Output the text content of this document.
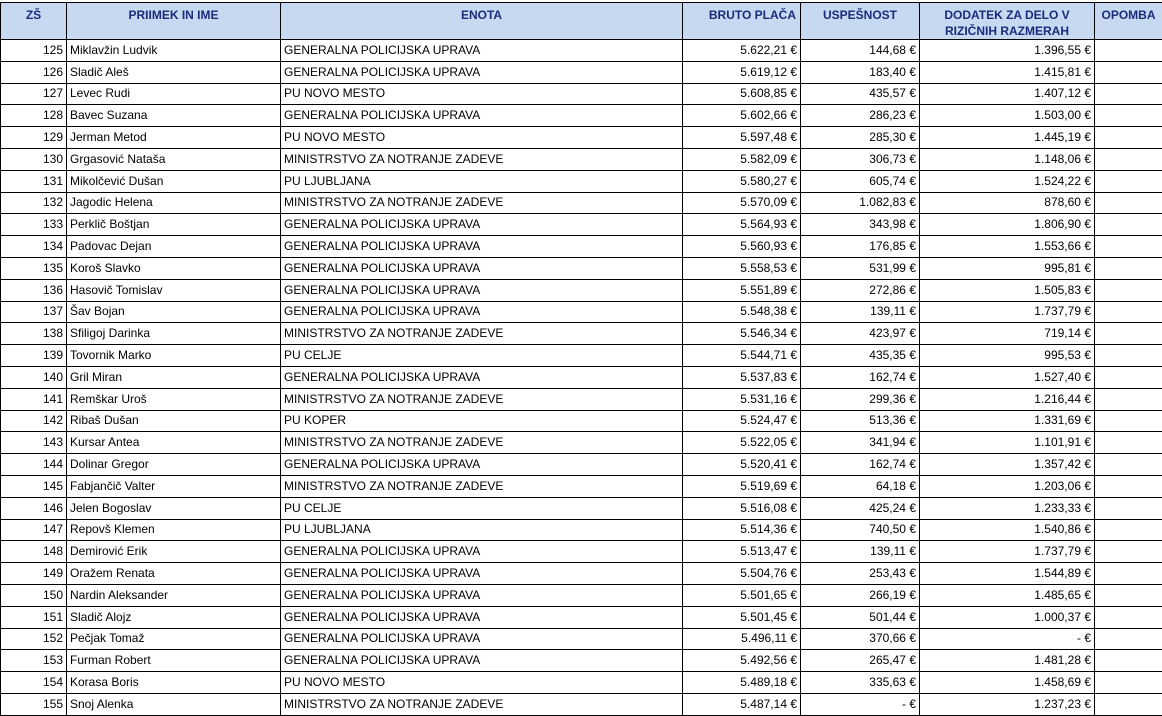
ZŠ	PRIIMEK IN IME	ENOTA	BRUTO PLAČA	USPEŠNOST	DODATEK ZA DELO V
RIZIČNIH RAZMERAH	OPOMBA
125	Miklavžin Ludvik	GENERALNA POLICIJSKA UPRAVA	5.622,21 €	144,68 €	1.396,55 €	
126	Sladič Aleš	GENERALNA POLICIJSKA UPRAVA	5.619,12 €	183,40 €	1.415,81 €	
127	Levec Rudi	PU NOVO MESTO	5.608,85 €	435,57 €	1.407,12 €	
128	Bavec Suzana	GENERALNA POLICIJSKA UPRAVA	5.602,66 €	286,23 €	1.503,00 €	
129	Jerman Metod	PU NOVO MESTO	5.597,48 €	285,30 €	1.445,19 €	
130	Grgasović Nataša	MINISTRSTVO ZA NOTRANJE ZADEVE	5.582,09 €	306,73 €	1.148,06 €	
131	Mikolčević Dušan	PU LJUBLJANA	5.580,27 €	605,74 €	1.524,22 €	
132	Jagodic Helena	MINISTRSTVO ZA NOTRANJE ZADEVE	5.570,09 €	1.082,83 €	878,60 €	
133	Perklič Boštjan	GENERALNA POLICIJSKA UPRAVA	5.564,93 €	343,98 €	1.806,90 €	
134	Padovac Dejan	GENERALNA POLICIJSKA UPRAVA	5.560,93 €	176,85 €	1.553,66 €	
135	Koroš Slavko	GENERALNA POLICIJSKA UPRAVA	5.558,53 €	531,99 €	995,81 €	
136	Hasovič Tomislav	GENERALNA POLICIJSKA UPRAVA	5.551,89 €	272,86 €	1.505,83 €	
137	Šav Bojan	GENERALNA POLICIJSKA UPRAVA	5.548,38 €	139,11 €	1.737,79 €	
138	Sfiligoj Darinka	MINISTRSTVO ZA NOTRANJE ZADEVE	5.546,34 €	423,97 €	719,14 €	
139	Tovornik Marko	PU CELJE	5.544,71 €	435,35 €	995,53 €	
140	Gril Miran	GENERALNA POLICIJSKA UPRAVA	5.537,83 €	162,74 €	1.527,40 €	
141	Remškar Uroš	MINISTRSTVO ZA NOTRANJE ZADEVE	5.531,16 €	299,36 €	1.216,44 €	
142	Ribaš Dušan	PU KOPER	5.524,47 €	513,36 €	1.331,69 €	
143	Kursar Antea	MINISTRSTVO ZA NOTRANJE ZADEVE	5.522,05 €	341,94 €	1.101,91 €	
144	Dolinar Gregor	GENERALNA POLICIJSKA UPRAVA	5.520,41 €	162,74 €	1.357,42 €	
145	Fabjančič Valter	MINISTRSTVO ZA NOTRANJE ZADEVE	5.519,69 €	64,18 €	1.203,06 €	
146	Jelen Bogoslav	PU CELJE	5.516,08 €	425,24 €	1.233,33 €	
147	Repovš Klemen	PU LJUBLJANA	5.514,36 €	740,50 €	1.540,86 €	
148	Demirović Erik	GENERALNA POLICIJSKA UPRAVA	5.513,47 €	139,11 €	1.737,79 €	
149	Oražem Renata	GENERALNA POLICIJSKA UPRAVA	5.504,76 €	253,43 €	1.544,89 €	
150	Nardin Aleksander	GENERALNA POLICIJSKA UPRAVA	5.501,65 €	266,19 €	1.485,65 €	
151	Sladič Alojz	GENERALNA POLICIJSKA UPRAVA	5.501,45 €	501,44 €	1.000,37 €	
152	Pečjak Tomaž	GENERALNA POLICIJSKA UPRAVA	5.496,11 €	370,66 €	- €	
153	Furman Robert	GENERALNA POLICIJSKA UPRAVA	5.492,56 €	265,47 €	1.481,28 €	
154	Korasa Boris	PU NOVO MESTO	5.489,18 €	335,63 €	1.458,69 €	
155	Snoj Alenka	MINISTRSTVO ZA NOTRANJE ZADEVE	5.487,14 €	- €	1.237,23 €	
